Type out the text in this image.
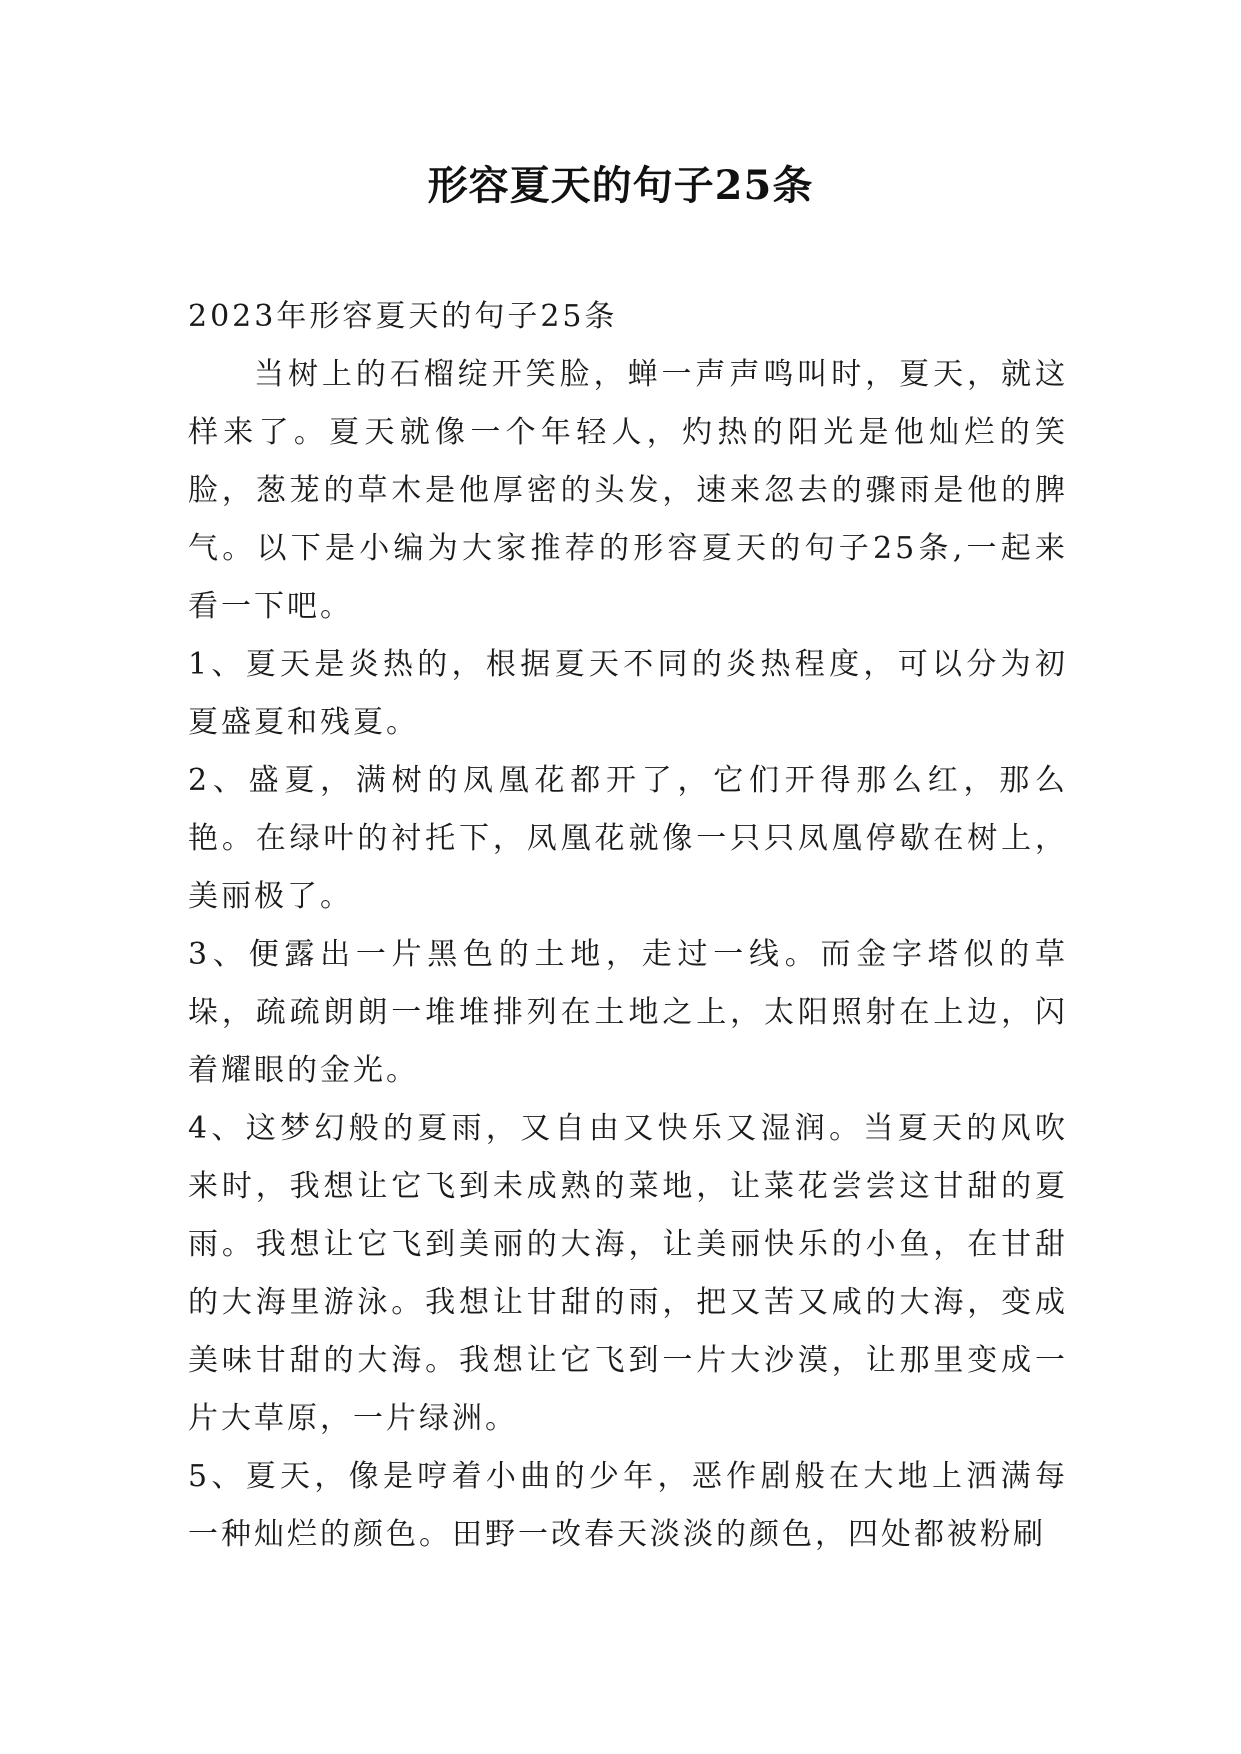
形容夏天的句子25条

2023年形容夏天的句子25条

当树上的石榴绽开笑脸，蝉一声声鸣叫时，夏天，就这样来了。夏天就像一个年轻人，灼热的阳光是他灿烂的笑脸，葱茏的草木是他厚密的头发，速来忽去的骤雨是他的脾气。以下是小编为大家推荐的形容夏天的句子25条,一起来看一下吧。

1、夏天是炎热的，根据夏天不同的炎热程度，可以分为初夏盛夏和残夏。

2、盛夏，满树的凤凰花都开了，它们开得那么红，那么艳。在绿叶的衬托下，凤凰花就像一只只凤凰停歇在树上，美丽极了。

3、便露出一片黑色的土地，走过一线。而金字塔似的草垛，疏疏朗朗一堆堆排列在土地之上，太阳照射在上边，闪着耀眼的金光。

4、这梦幻般的夏雨，又自由又快乐又湿润。当夏天的风吹来时，我想让它飞到未成熟的菜地，让菜花尝尝这甘甜的夏雨。我想让它飞到美丽的大海，让美丽快乐的小鱼，在甘甜的大海里游泳。我想让甘甜的雨，把又苦又咸的大海，变成美味甘甜的大海。我想让它飞到一片大沙漠，让那里变成一片大草原，一片绿洲。

5、夏天，像是哼着小曲的少年，恶作剧般在大地上洒满每一种灿烂的颜色。田野一改春天淡淡的颜色，四处都被粉刷
